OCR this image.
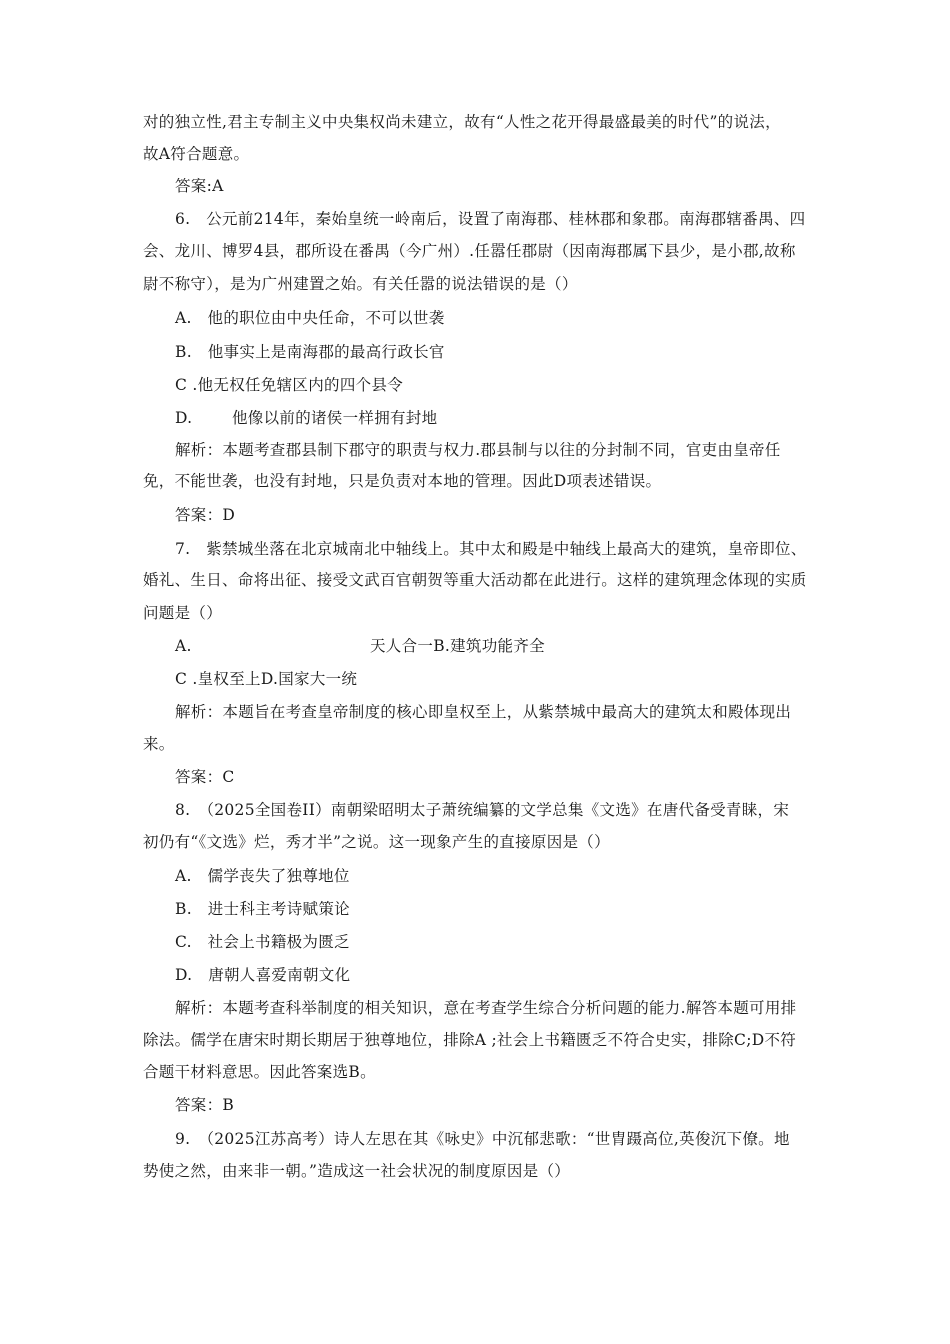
对的独立性,君主专制主义中央集权尚未建立，故有“人性之花开得最盛最美的时代”的说法，
故A符合题意。
答案:A
6.　公元前214年，秦始皇统一岭南后，设置了南海郡、桂林郡和象郡。南海郡辖番禺、四
会、龙川、博罗4县，郡所设在番禺（今广州）.任嚣任郡尉（因南海郡属下县少，是小郡,故称
尉不称守），是为广州建置之始。有关任嚣的说法错误的是（）
A.　他的职位由中央任命，不可以世袭
B.　他事实上是南海郡的最高行政长官
C .他无权任免辖区内的四个县令
D.	他像以前的诸侯一样拥有封地
解析：本题考查郡县制下郡守的职责与权力.郡县制与以往的分封制不同，官吏由皇帝任
免，不能世袭，也没有封地，只是负责对本地的管理。因此D项表述错误。
答案：D
7.　紫禁城坐落在北京城南北中轴线上。其中太和殿是中轴线上最高大的建筑，皇帝即位、
婚礼、生日、命将出征、接受文武百官朝贺等重大活动都在此进行。这样的建筑理念体现的实质
问题是（）
A.	天人合一B.建筑功能齐全
C .皇权至上D.国家大一统
解析：本题旨在考查皇帝制度的核心即皇权至上，从紫禁城中最高大的建筑太和殿体现出
来。
答案：C
8.　（2025全国卷II）南朝梁昭明太子萧统编纂的文学总集《文选》在唐代备受青睐，宋
初仍有“《文选》烂，秀才半”之说。这一现象产生的直接原因是（）
A.　儒学丧失了独尊地位
B.　进士科主考诗赋策论
C.　社会上书籍极为匮乏
D.　唐朝人喜爱南朝文化
解析：本题考查科举制度的相关知识，意在考查学生综合分析问题的能力.解答本题可用排
除法。儒学在唐宋时期长期居于独尊地位，排除A ;社会上书籍匮乏不符合史实，排除C;D不符
合题干材料意思。因此答案选B。
答案：B
9.　（2025江苏高考）诗人左思在其《咏史》中沉郁悲歌：“世胄蹑高位,英俊沉下僚。地
势使之然，由来非一朝。”造成这一社会状况的制度原因是（）
